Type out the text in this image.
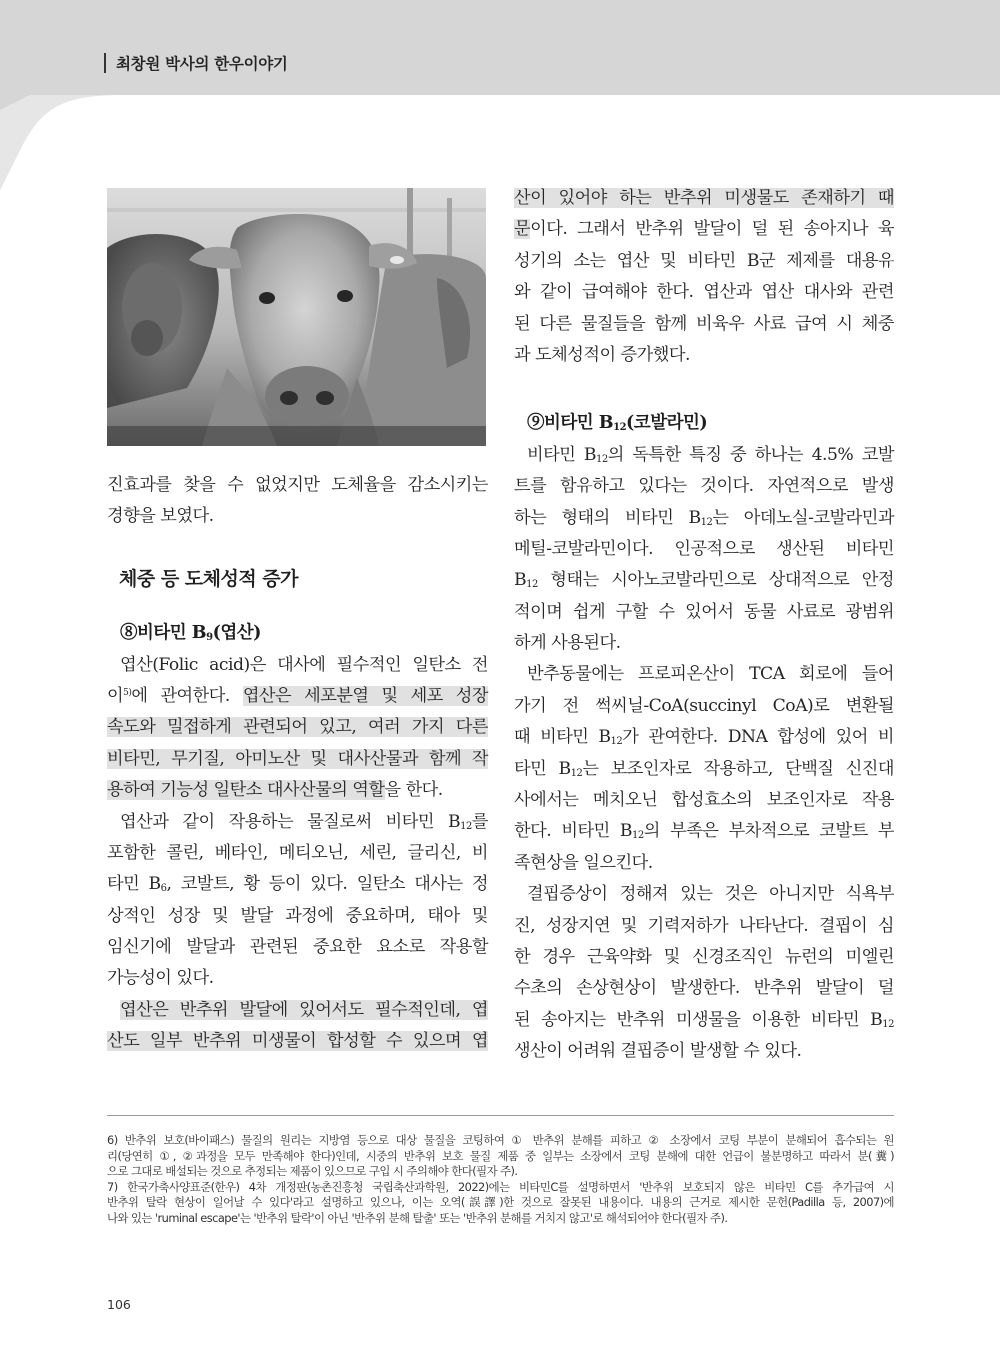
최창원 박사의 한우이야기
진효과를 찾을 수 없었지만 도체율을 감소시키는
경향을 보였다.
체중 등 도체성적 증가
⑧비타민 $B_9$(엽산)
엽산(Folic acid)은 대사에 필수적인 일탄소 전
이$^{5)}$에 관여한다. 엽산은 세포분열 및 세포 성장
속도와 밀접하게 관련되어 있고, 여러 가지 다른
비타민, 무기질, 아미노산 및 대사산물과 함께 작
용하여 기능성 일탄소 대사산물의 역할을 한다.
엽산과 같이 작용하는 물질로써 비타민 $B_{12}$를
포함한 콜린, 베타인, 메티오닌, 세린, 글리신, 비
타민 $B_6$, 코발트, 황 등이 있다. 일탄소 대사는 정
상적인 성장 및 발달 과정에 중요하며, 태아 및
임신기에 발달과 관련된 중요한 요소로 작용할
가능성이 있다.
엽산은 반추위 발달에 있어서도 필수적인데, 엽
산도 일부 반추위 미생물이 합성할 수 있으며 엽
산이 있어야 하는 반추위 미생물도 존재하기 때
문이다. 그래서 반추위 발달이 덜 된 송아지나 육
성기의 소는 엽산 및 비타민 B군 제제를 대용유
와 같이 급여해야 한다. 엽산과 엽산 대사와 관련
된 다른 물질들을 함께 비육우 사료 급여 시 체중
과 도체성적이 증가했다.
⑨비타민 $B_{12}$(코발라민)
비타민 $B_{12}$의 독특한 특징 중 하나는 4.5% 코발
트를 함유하고 있다는 것이다. 자연적으로 발생
하는 형태의 비타민 $B_{12}$는 아데노실-코발라민과
메틸-코발라민이다. 인공적으로 생산된 비타민
$B_{12}$ 형태는 시아노코발라민으로 상대적으로 안정
적이며 쉽게 구할 수 있어서 동물 사료로 광범위
하게 사용된다.
반추동물에는 프로피온산이 TCA 회로에 들어
가기 전 썩씨닐-CoA(succinyl CoA)로 변환될
때 비타민 $B_{12}$가 관여한다. DNA 합성에 있어 비
타민 $B_{12}$는 보조인자로 작용하고, 단백질 신진대
사에서는 메치오닌 합성효소의 보조인자로 작용
한다. 비타민 $B_{12}$의 부족은 부차적으로 코발트 부
족현상을 일으킨다.
결핍증상이 정해져 있는 것은 아니지만 식욕부
진, 성장지연 및 기력저하가 나타난다. 결핍이 심
한 경우 근육약화 및 신경조직인 뉴런의 미엘린
수초의 손상현상이 발생한다. 반추위 발달이 덜
된 송아지는 반추위 미생물을 이용한 비타민 $B_{12}$
생산이 어려워 결핍증이 발생할 수 있다.
6) 반추위 보호(바이패스) 물질의 원리는 지방염 등으로 대상 물질을 코팅하여 ① 반추위 분해를 피하고 ② 소장에서 코팅 부분이 분해되어 흡수되는 원
리(당연히 ①, ②과정을 모두 만족해야 한다)인데, 시중의 반추위 보호 물질 제품 중 일부는 소장에서 코팅 분해에 대한 언급이 불분명하고 따라서 분(糞)
으로 그대로 배설되는 것으로 추정되는 제품이 있으므로 구입 시 주의해야 한다(필자 주).
7) 한국가축사양표준(한우) 4차 개정판(농촌진흥청 국립축산과학원, 2022)에는 비타민C를 설명하면서 '반추위 보호되지 않은 비타민 C를 추가급여 시
반추위 탈락 현상이 일어날 수 있다'라고 설명하고 있으나, 이는 오역(誤譯)한 것으로 잘못된 내용이다. 내용의 근거로 제시한 문헌(Padilla 등, 2007)에
나와 있는 'ruminal escape'는 '반추위 탈락'이 아닌 '반추위 분해 탈출' 또는 '반추위 분해를 거치지 않고'로 해석되어야 한다(필자 주).
106
